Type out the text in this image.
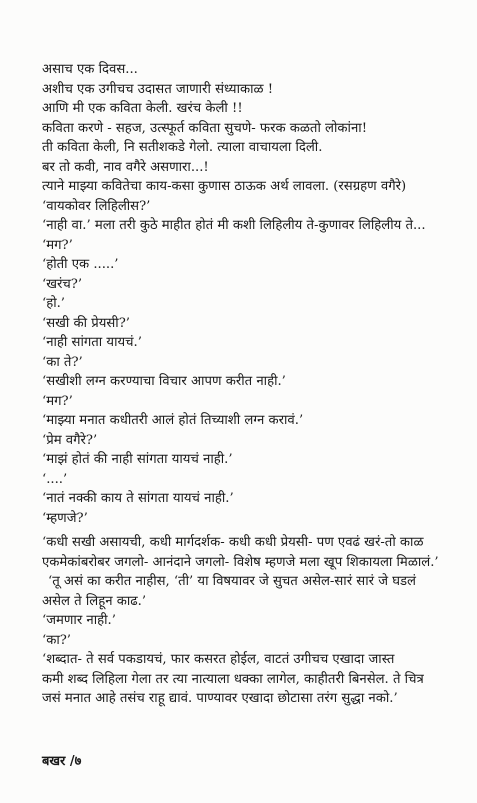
असाच एक दिवस...
अशीच एक उगीचच उदासत जाणारी संध्याकाळ !
आणि मी एक कविता केली. खरंच केली !!
कविता करणे - सहज, उत्स्फूर्त कविता सुचणे- फरक कळतो लोकांना!
ती कविता केली, नि सतीशकडे गेलो. त्याला वाचायला दिली.
बर तो कवी, नाव वगैरे असणारा...!
त्याने माझ्या कवितेचा काय-कसा कुणास ठाऊक अर्थ लावला. (रसग्रहण वगैरे)
‘वायकोवर लिहिलीस?’
‘नाही वा.’ मला तरी कुठे माहीत होतं मी कशी लिहिलीय ते-कुणावर लिहिलीय ते...
‘मग?’
‘होती एक .....’
‘खरंच?’
‘हो.’
‘सखी की प्रेयसी?’
‘नाही सांगता यायचं.’
‘का ते?’
‘सखीशी लग्न करण्याचा विचार आपण करीत नाही.’
‘मग?’
‘माझ्या मनात कधीतरी आलं होतं तिच्याशी लग्न करावं.’
‘प्रेम वगैरे?’
‘माझं होतं की नाही सांगता यायचं नाही.’
‘....’
‘नातं नक्की काय ते सांगता यायचं नाही.’
‘म्हणजे?’
‘कधी सखी असायची, कधी मार्गदर्शक- कधी कधी प्रेयसी- पण एवढं खरं-तो काळ
एकमेकांबरोबर जगलो- आनंदाने जगलो- विशेष म्हणजे मला खूप शिकायला मिळालं.’
‘तू असं का करीत नाहीस, ‘ती’ या विषयावर जे सुचत असेल-सारं सारं जे घडलं
असेल ते लिहून काढ.’
‘जमणार नाही.’
‘का?’
‘शब्दात- ते सर्व पकडायचं, फार कसरत होईल, वाटतं उगीचच एखादा जास्त
कमी शब्द लिहिला गेला तर त्या नात्याला धक्का लागेल, काहीतरी बिनसेल. ते चित्र
जसं मनात आहे तसंच राहू द्यावं. पाण्यावर एखादा छोटासा तरंग सुद्धा नको.’
बखर /७
